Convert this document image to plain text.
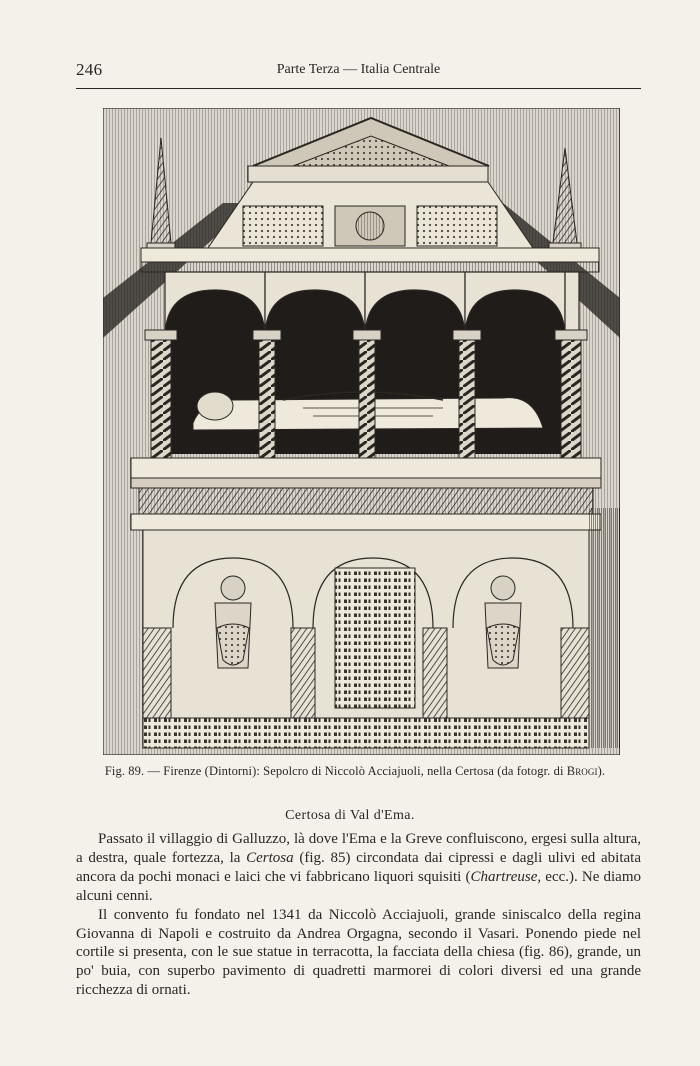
246	Parte Terza — Italia Centrale
Fig. 89. — Firenze (Dintorni): Sepolcro di Niccolò Acciajuoli, nella Certosa (da fotogr. di Brogi).
Certosa di Val d'Ema.

Passato il villaggio di Galluzzo, là dove l'Ema e la Greve confluiscono, ergesi sulla altura, a destra, quale fortezza, la Certosa (fig. 85) circondata dai cipressi e dagli ulivi ed abitata ancora da pochi monaci e laici che vi fabbricano liquori squisiti (Chartreuse, ecc.). Ne diamo alcuni cenni.

Il convento fu fondato nel 1341 da Niccolò Acciajuoli, grande siniscalco della regina Giovanna di Napoli e costruito da Andrea Orgagna, secondo il Vasari. Ponendo piede nel cortile si presenta, con le sue statue in terracotta, la facciata della chiesa (fig. 86), grande, un po' buia, con superbo pavimento di quadretti marmorei di colori diversi ed una grande ricchezza di ornati.
